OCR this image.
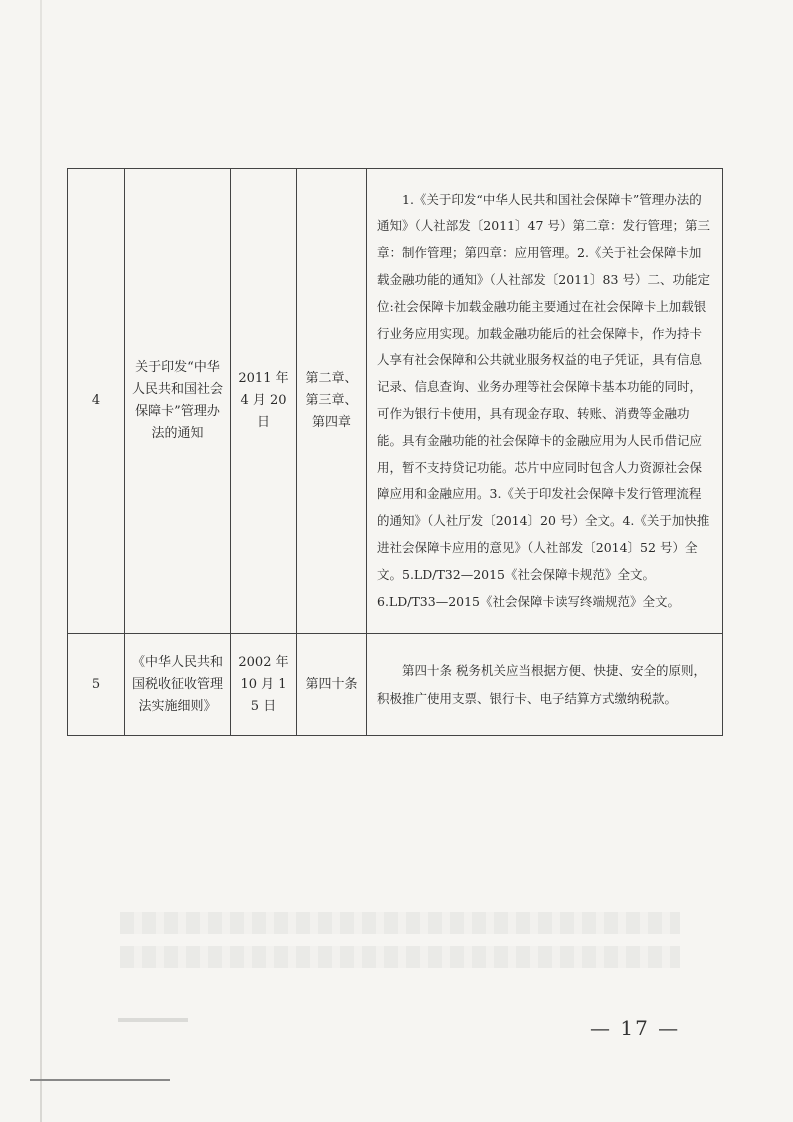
4	关于印发“中华人民共和国社会保障卡”管理办法的通知	2011 年 4 月 20 日	第二章、第三章、第四章	1.《关于印发“中华人民共和国社会保障卡”管理办法的通知》（人社部发〔2011〕47 号）第二章：发行管理；第三章：制作管理；第四章：应用管理。2.《关于社会保障卡加载金融功能的通知》（人社部发〔2011〕83 号）二、功能定位:社会保障卡加载金融功能主要通过在社会保障卡上加载银行业务应用实现。加载金融功能后的社会保障卡，作为持卡人享有社会保障和公共就业服务权益的电子凭证，具有信息记录、信息查询、业务办理等社会保障卡基本功能的同时，可作为银行卡使用，具有现金存取、转账、消费等金融功能。具有金融功能的社会保障卡的金融应用为人民币借记应用，暂不支持贷记功能。芯片中应同时包含人力资源社会保障应用和金融应用。3.《关于印发社会保障卡发行管理流程的通知》（人社厅发〔2014〕20 号）全文。4.《关于加快推进社会保障卡应用的意见》（人社部发〔2014〕52 号）全文。5.LD/T32—2015《社会保障卡规范》全文。

6.LD/T33—2015《社会保障卡读写终端规范》全文。

5	《中华人民共和国税收征收管理法实施细则》	2002 年 10 月 15 日	第四十条	第四十条 税务机关应当根据方便、快捷、安全的原则，积极推广使用支票、银行卡、电子结算方式缴纳税款。

— 17 —
